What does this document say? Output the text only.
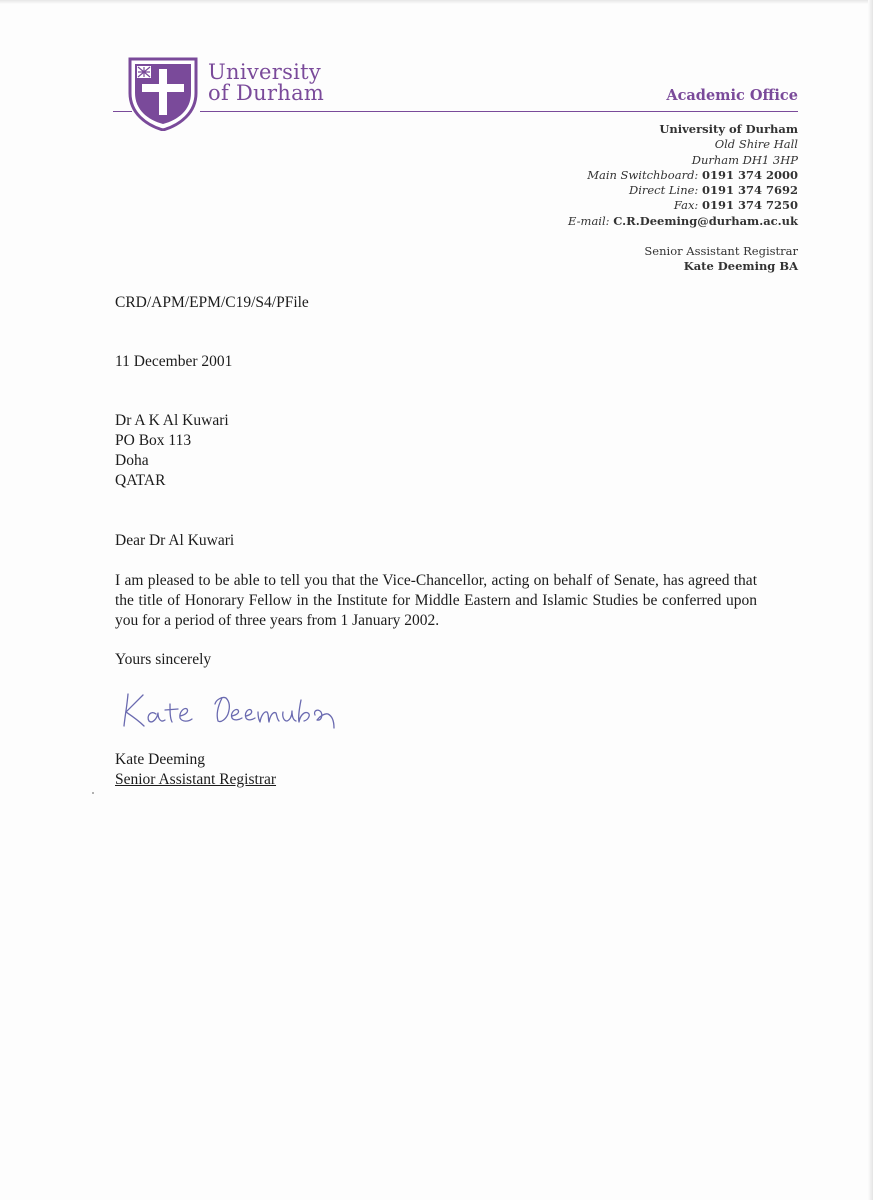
University
of Durham	Academic Office
University of Durham
Old Shire Hall
Durham DH1 3HP
Main Switchboard: 0191 374 2000
Direct Line: 0191 374 7692
Fax: 0191 374 7250
E-mail: C.R.Deeming@durham.ac.uk
Senior Assistant Registrar
Kate Deeming BA
CRD/APM/EPM/C19/S4/PFile
11 December 2001
Dr A K Al Kuwari
PO Box 113
Doha
QATAR
Dear Dr Al Kuwari
I am pleased to be able to tell you that the Vice-Chancellor, acting on behalf of Senate, has agreed that the title of Honorary Fellow in the Institute for Middle Eastern and Islamic Studies be conferred upon you for a period of three years from 1 January 2002.
Yours sincerely
Kate Deeming
Senior Assistant Registrar
